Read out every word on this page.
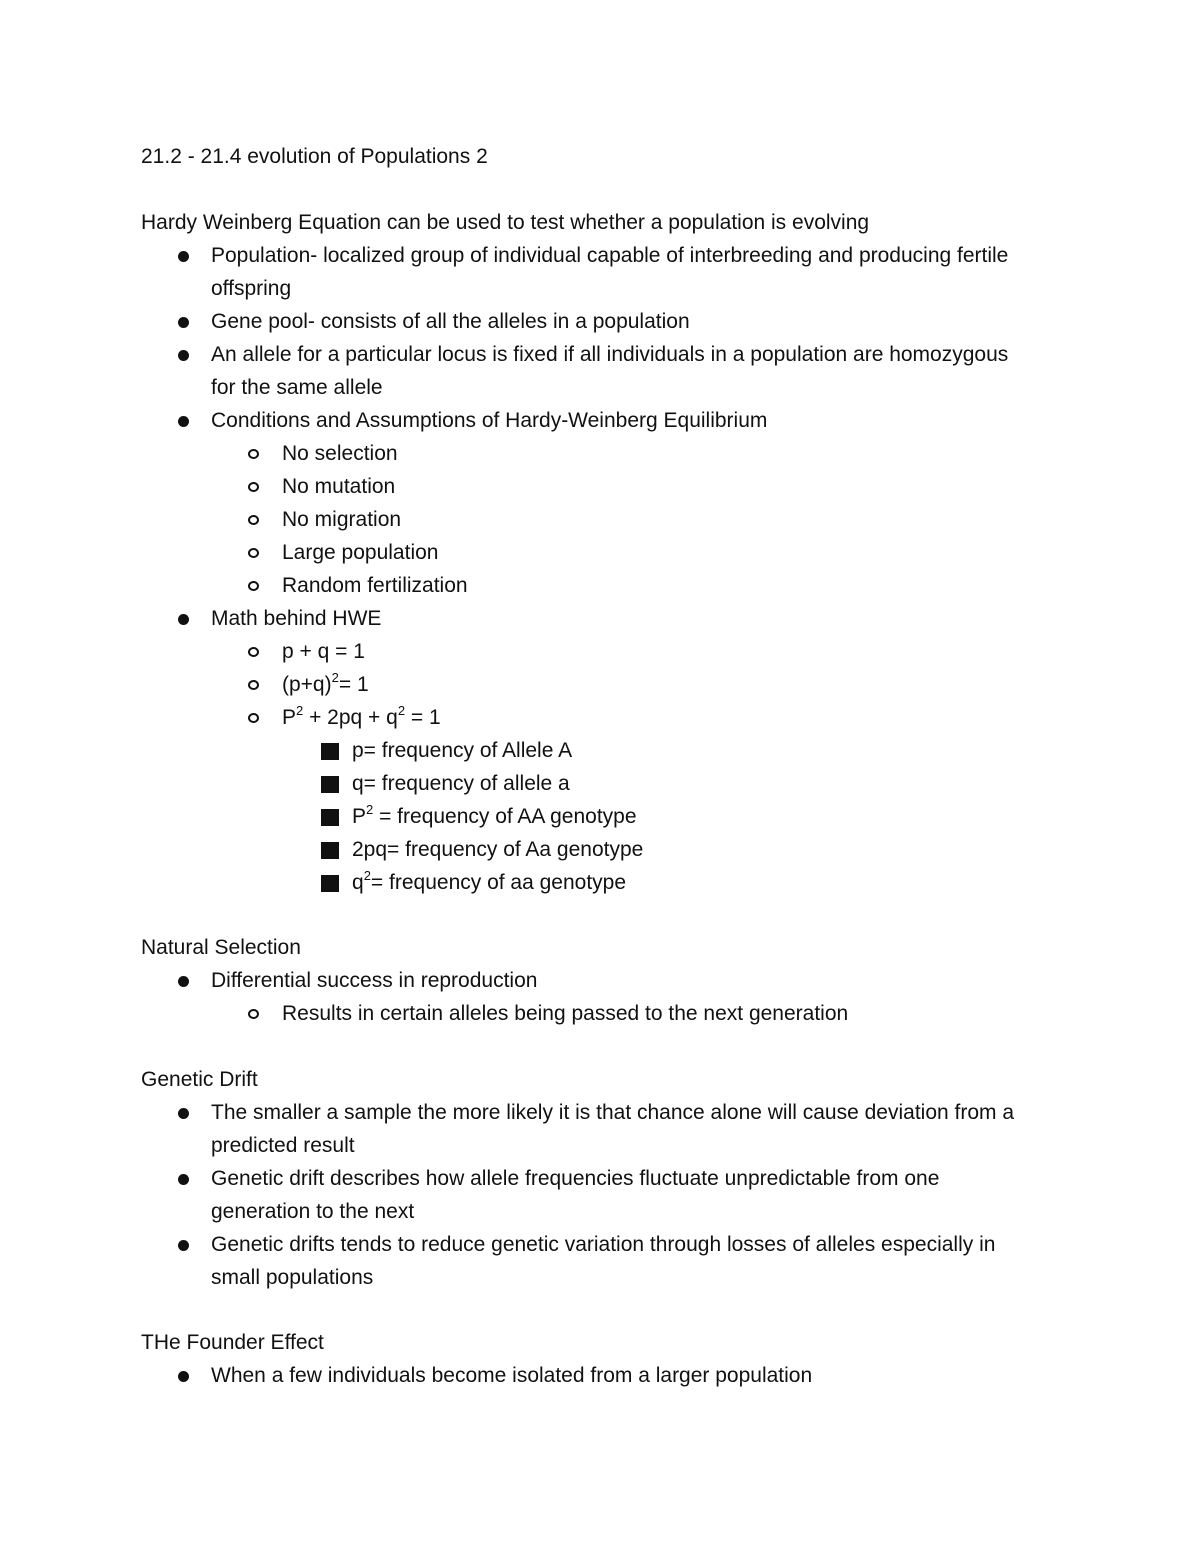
21.2 - 21.4 evolution of Populations 2
Hardy Weinberg Equation can be used to test whether a population is evolving
Population- localized group of individual capable of interbreeding and producing fertile
offspring
Gene pool- consists of all the alleles in a population
An allele for a particular locus is fixed if all individuals in a population are homozygous
for the same allele
Conditions and Assumptions of Hardy-Weinberg Equilibrium
No selection
No mutation
No migration
Large population
Random fertilization
Math behind HWE
p + q = 1
$(p+q)^2= 1$
$P^2 + 2pq + q^2 = 1$
p= frequency of Allele A
q= frequency of allele a
$P^2$ = frequency of AA genotype
2pq= frequency of Aa genotype
$q^2=$ frequency of aa genotype
Natural Selection
Differential success in reproduction
Results in certain alleles being passed to the next generation
Genetic Drift
The smaller a sample the more likely it is that chance alone will cause deviation from a
predicted result
Genetic drift describes how allele frequencies fluctuate unpredictable from one
generation to the next
Genetic drifts tends to reduce genetic variation through losses of alleles especially in
small populations
THe Founder Effect
When a few individuals become isolated from a larger population
